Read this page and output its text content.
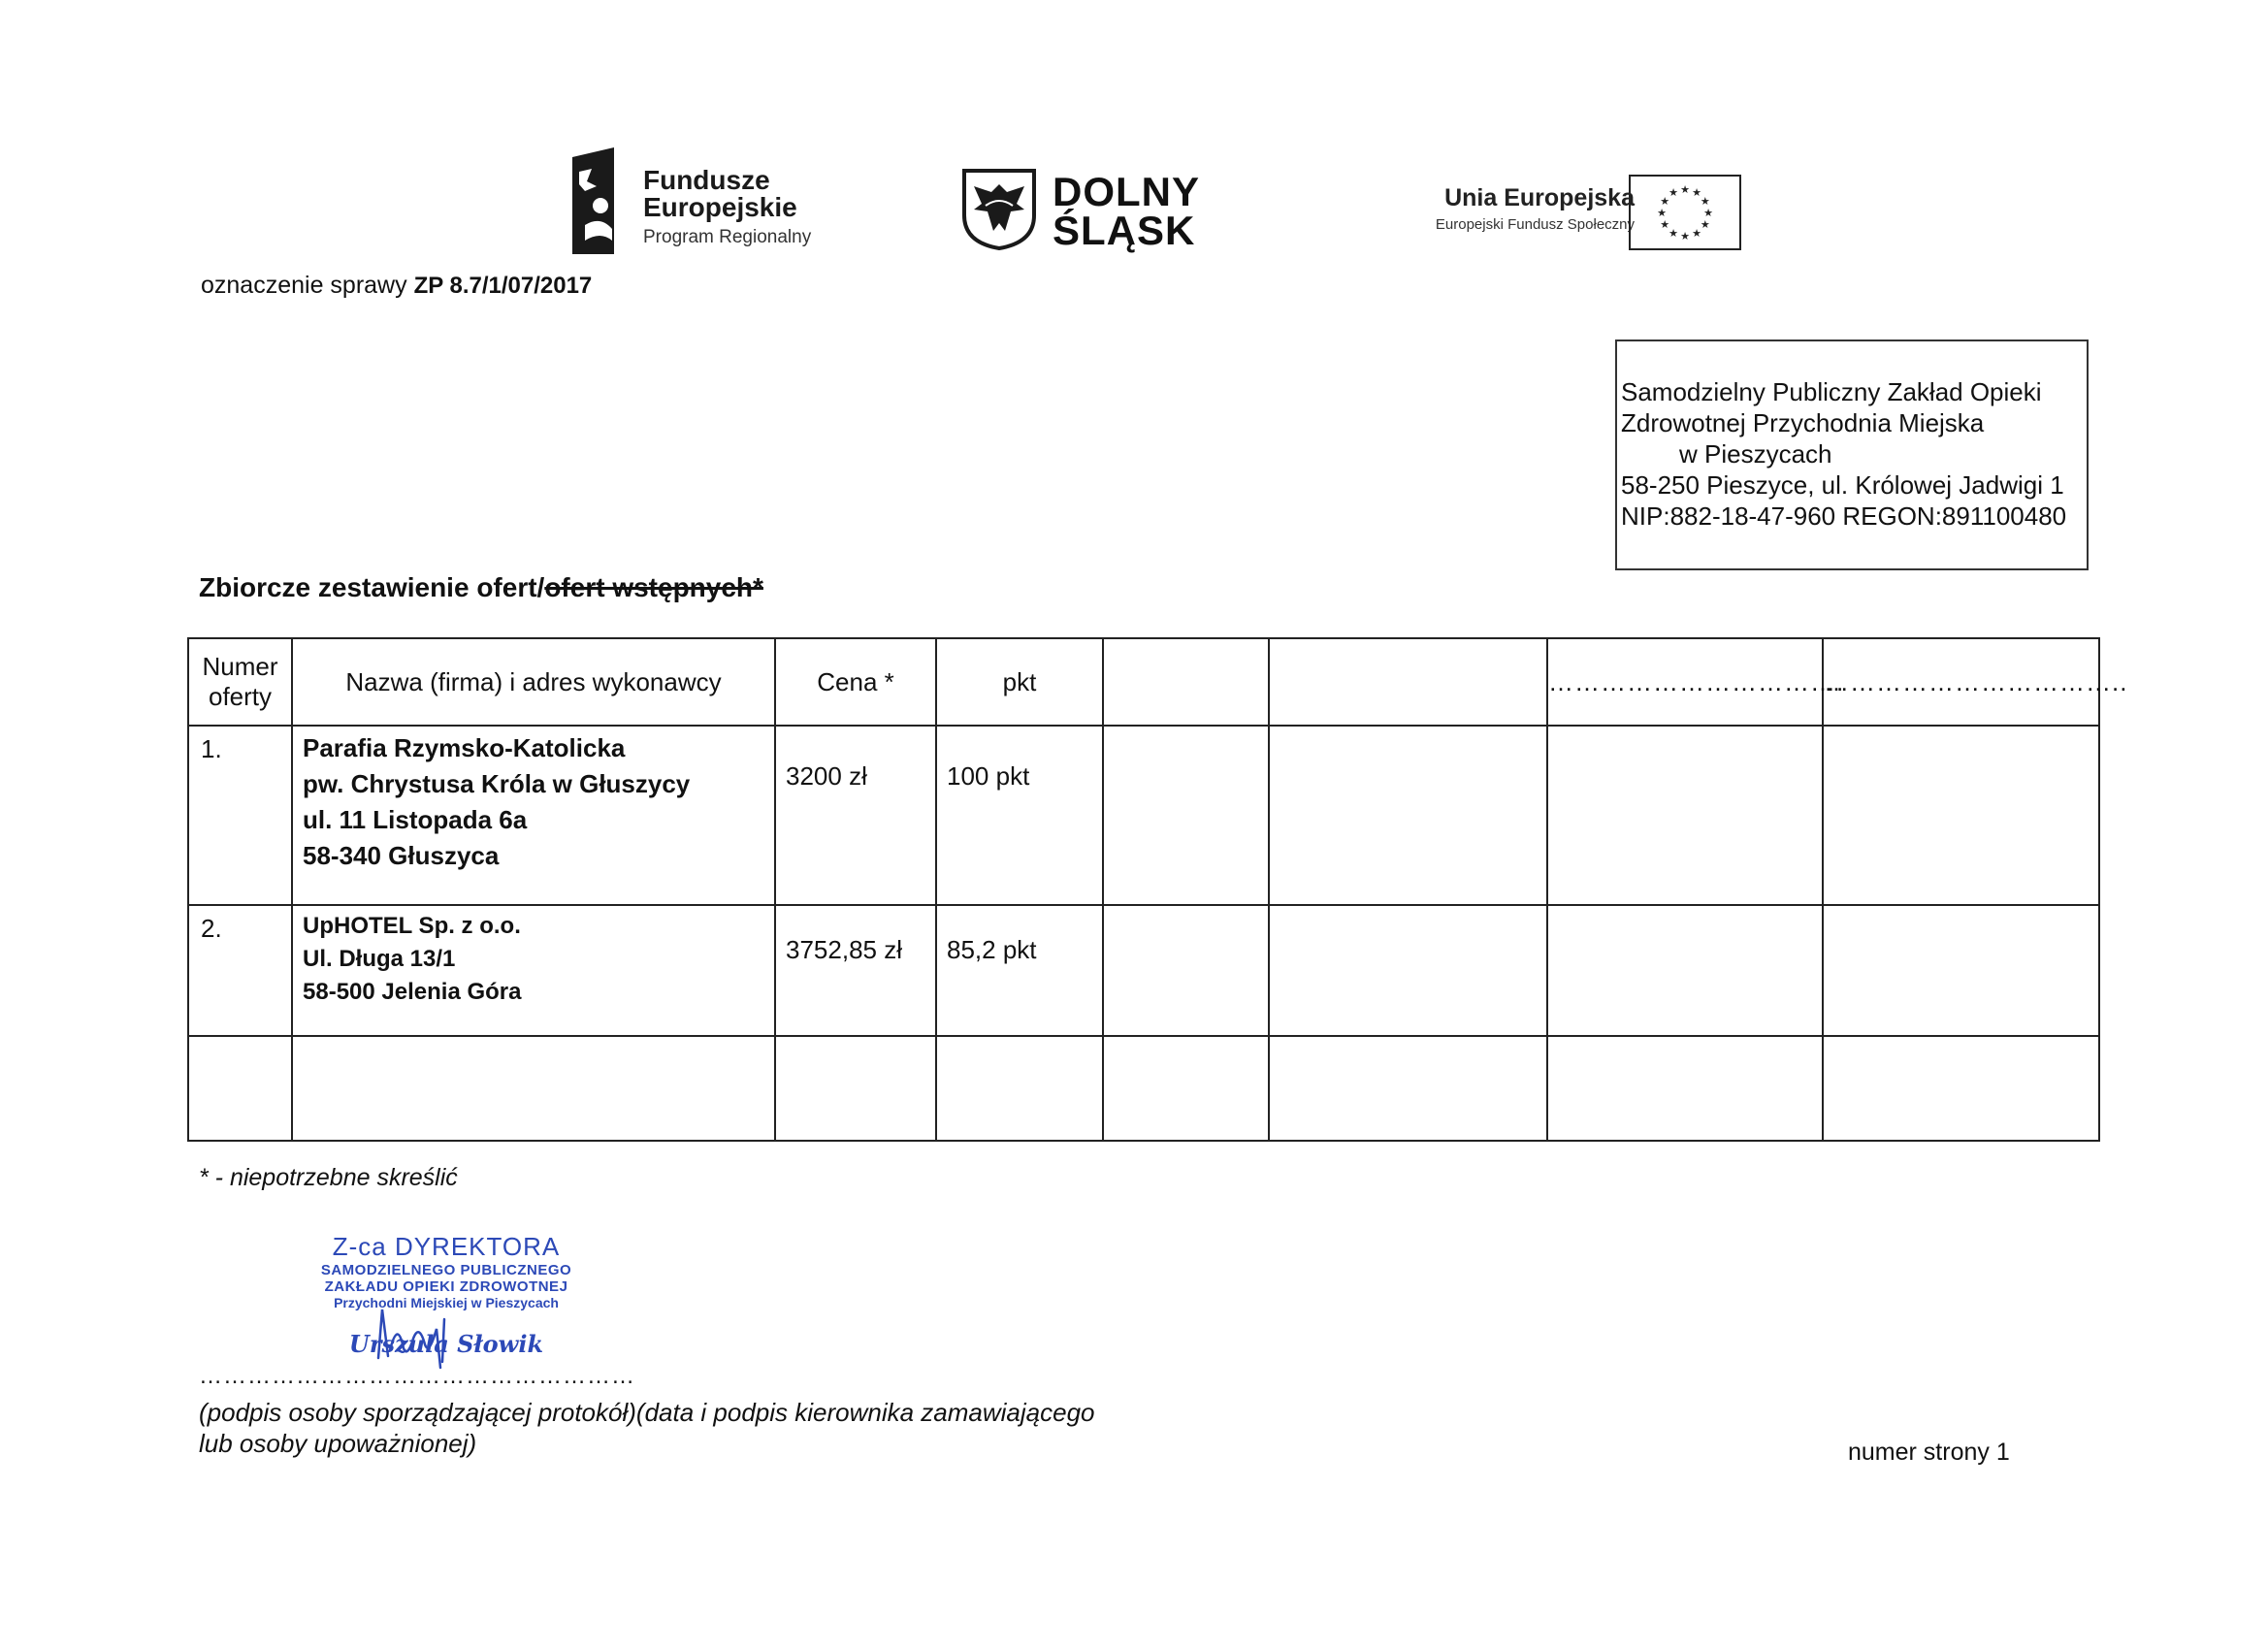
Fundusze
Europejskie
Program Regionalny
DOLNY
ŚLĄSK
Unia Europejska
Europejski Fundusz Społeczny
★ ★
★
★
★
★
★
★
★
★
★
★
oznaczenie sprawy ZP 8.7/1/07/2017
Samodzielny Publiczny Zakład Opieki
Zdrowotnej Przychodnia Miejska
w Pieszycach
58-250 Pieszyce, ul. Królowej Jadwigi 1
NIP:882-18-47-960 REGON:891100480
Zbiorcze zestawienie ofert/ofert wstępnych*
Numer
oferty	Nazwa (firma) i adres wykonawcy	Cena *	pkt			…………………………….	……………………………..
1.	Parafia Rzymsko-Katolicka
pw. Chrystusa Króla w Głuszycy
ul. 11 Listopada 6a
58-340 Głuszyca	3200 zł	100 pkt				
2.	UpHOTEL Sp. z o.o.
Ul. Długa 13/1
58-500 Jelenia Góra	3752,85 zł	85,2 pkt				

* - niepotrzebne skreślić
Z-ca DYREKTORA
SAMODZIELNEGO PUBLICZNEGO
ZAKŁADU OPIEKI ZDROWOTNEJ
Przychodni Miejskiej w Pieszycach
Urszula Słowik
………………………………………………
(podpis osoby sporządzającej protokół)(data i podpis kierownika zamawiającego
lub osoby upoważnionej)	numer strony 1
